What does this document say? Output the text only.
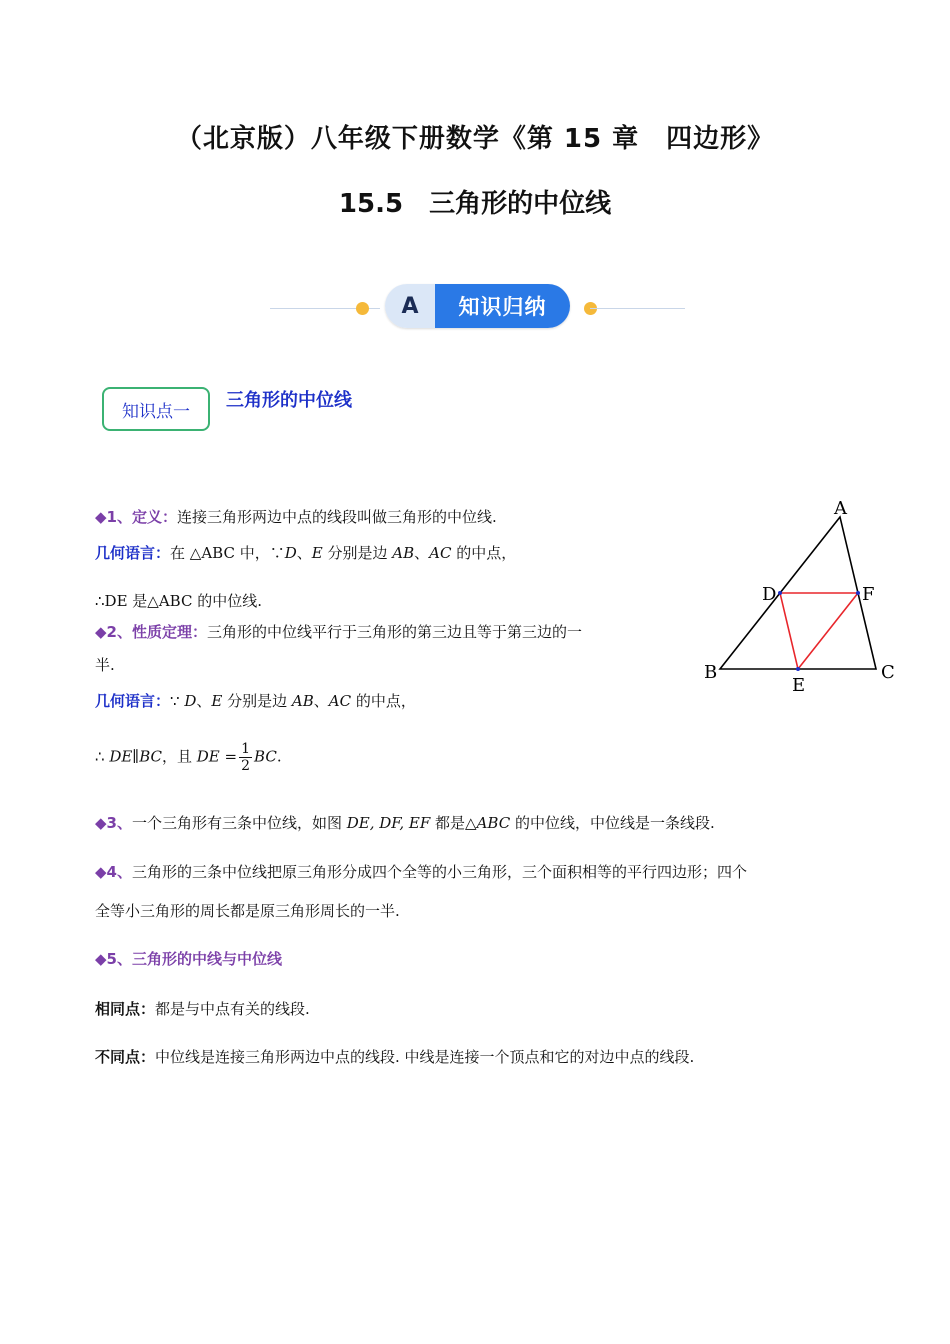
（北京版）八年级下册数学《第 15 章　四边形》
15.5　三角形的中位线
A	知识归纳
知识点一
三角形的中位线
◆1、定义：连接三角形两边中点的线段叫做三角形的中位线.
几何语言：在 △ABC 中，∵D、E 分别是边 AB、AC 的中点，
∴DE 是△ABC 的中位线.
◆2、性质定理：三角形的中位线平行于三角形的第三边且等于第三边的一
半.
几何语言：∵ D、E 分别是边 AB、AC 的中点，
∴ DE∥BC，且 DE = $\frac{1}{2}$ BC.
◆3、一个三角形有三条中位线，如图 DE, DF, EF 都是△ABC 的中位线，中位线是一条线段.
◆4、三角形的三条中位线把原三角形分成四个全等的小三角形，三个面积相等的平行四边形；四个
全等小三角形的周长都是原三角形周长的一半.
◆5、三角形的中线与中位线
相同点：都是与中点有关的线段.
不同点：中位线是连接三角形两边中点的线段. 中线是连接一个顶点和它的对边中点的线段.
A
B	C
D
E
F
